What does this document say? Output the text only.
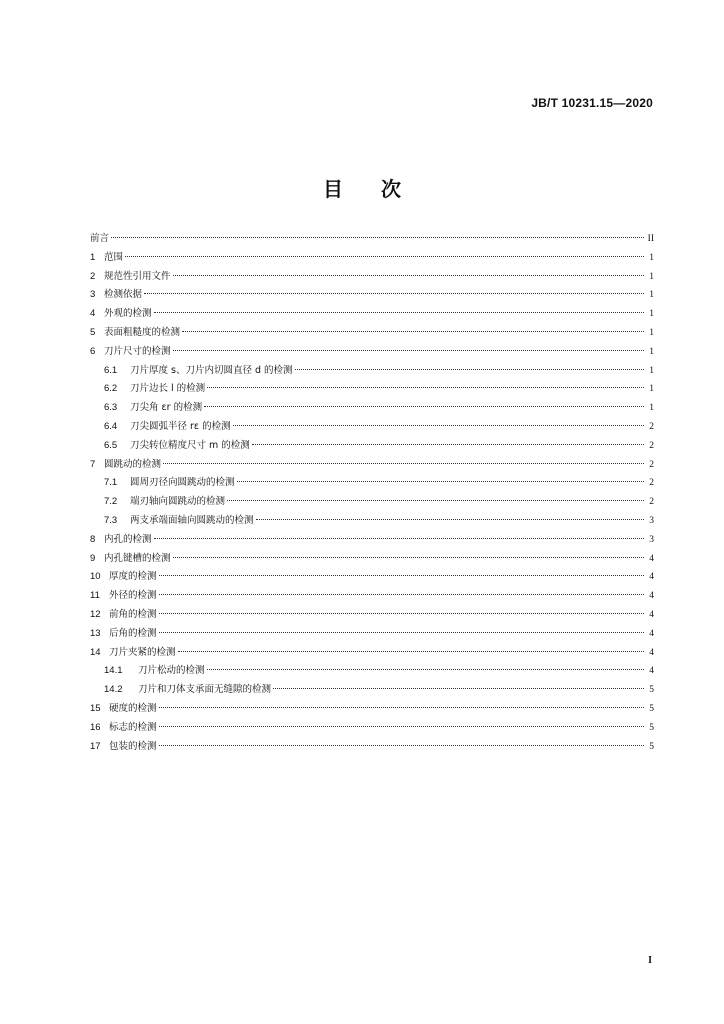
JB/T 10231.15—2020
目次
前言	II
1 范围	1
2 规范性引用文件	1
3 检测依据	1
4 外观的检测	1
5 表面粗糙度的检测	1
6 刀片尺寸的检测	1
6.1	刀片厚度 s、刀片内切圆直径 d 的检测	1
6.2	刀片边长 l 的检测	1
6.3	刀尖角 εr 的检测	1
6.4	刀尖圆弧半径 rε 的检测	2
6.5	刀尖转位精度尺寸 m 的检测	2
7 圆跳动的检测	2
7.1	圆周刃径向圆跳动的检测	2
7.2	端刃轴向圆跳动的检测	2
7.3	两支承端面轴向圆跳动的检测	3
8 内孔的检测	3
9 内孔键槽的检测	4
10 厚度的检测	4
11 外径的检测	4
12 前角的检测	4
13 后角的检测	4
14 刀片夹紧的检测	4
14.1	刀片松动的检测	4
14.2	刀片和刀体支承面无缝隙的检测	5
15 硬度的检测	5
16 标志的检测	5
17 包装的检测	5
I
